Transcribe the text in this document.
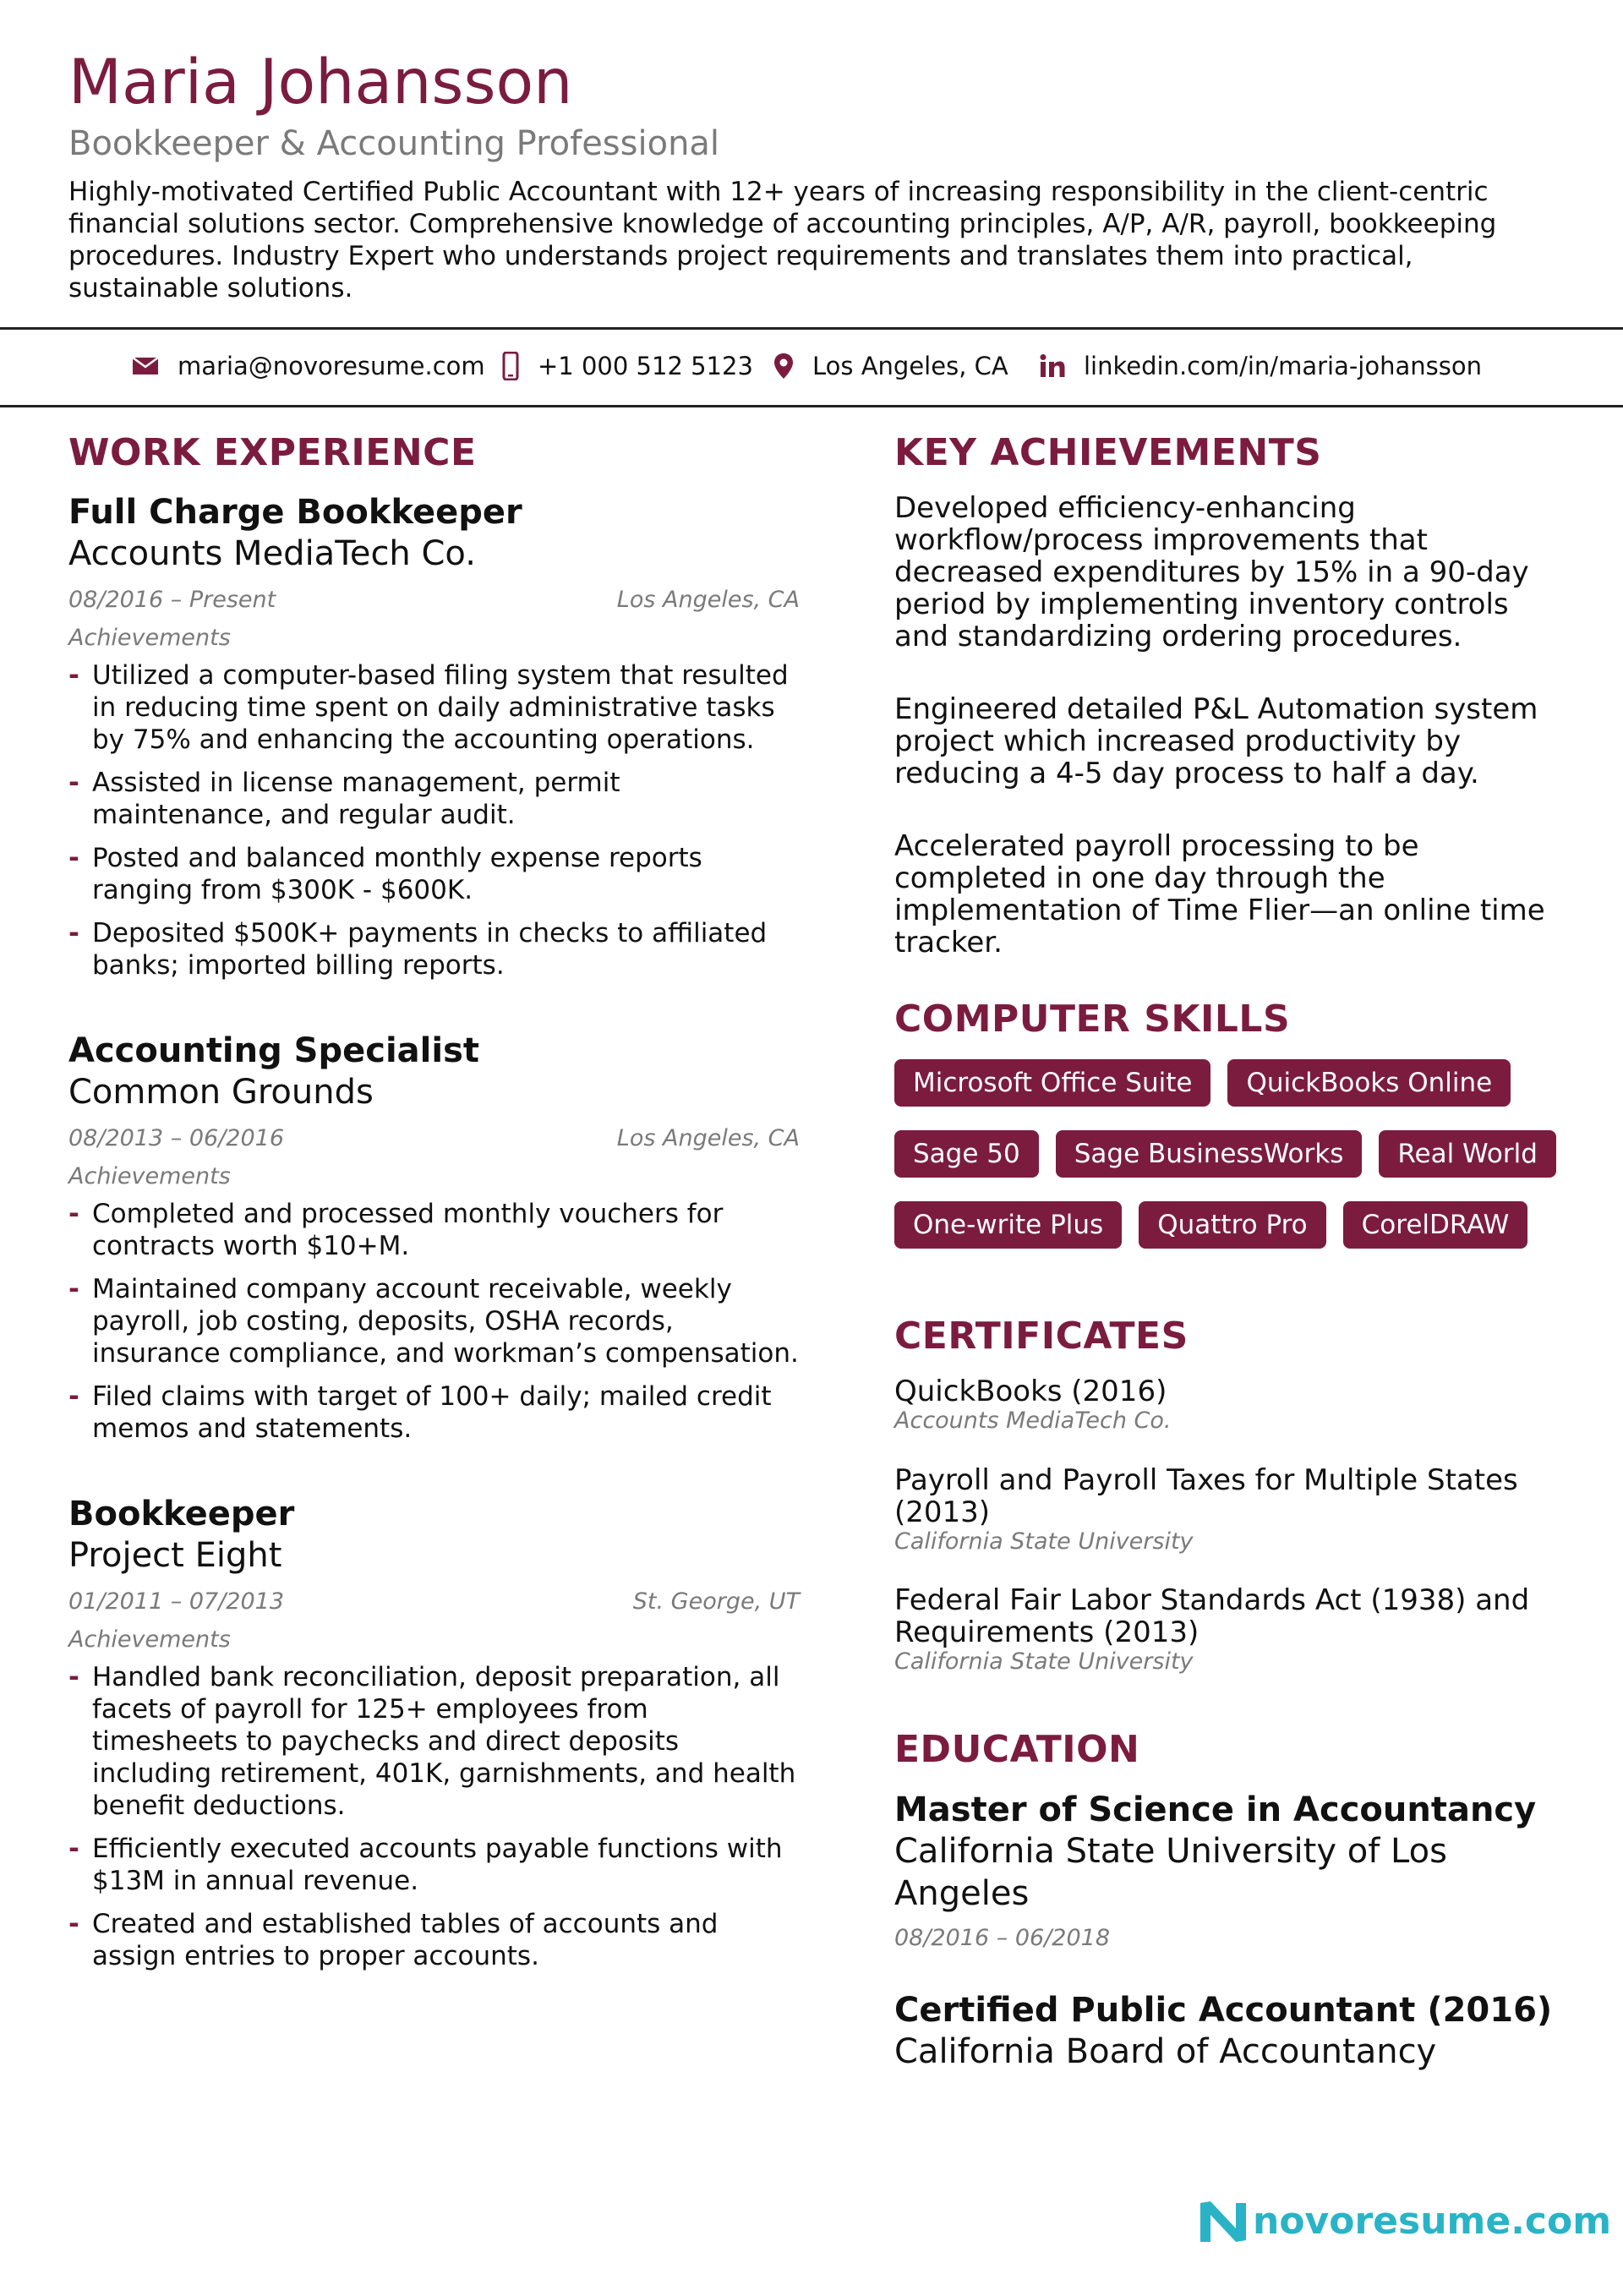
Maria Johansson
Bookkeeper & Accounting Professional
Highly-motivated Certified Public Accountant with 12+ years of increasing responsibility in the client-centric financial solutions sector. Comprehensive knowledge of accounting principles, A/P, A/R, payroll, bookkeeping procedures. Industry Expert who understands project requirements and translates them into practical, sustainable solutions.
maria@novoresume.com +1 000 512 5123 Los Angeles, CA	linkedin.com/in/maria-johansson
WORK EXPERIENCE
Full Charge Bookkeeper
Accounts MediaTech Co.
08/2016 – Present	Los Angeles, CA
Achievements
- Utilized a computer-based filing system that resulted in reducing time spent on daily administrative tasks by 75% and enhancing the accounting operations.
- Assisted in license management, permit maintenance, and regular audit.
- Posted and balanced monthly expense reports ranging from $300K - $600K.
- Deposited $500K+ payments in checks to affiliated banks; imported billing reports.
Accounting Specialist
Common Grounds
08/2013 – 06/2016	Los Angeles, CA
Achievements
- Completed and processed monthly vouchers for contracts worth $10+M.
- Maintained company account receivable, weekly payroll, job costing, deposits, OSHA records, insurance compliance, and workman’s compensation.
- Filed claims with target of 100+ daily; mailed credit memos and statements.
Bookkeeper
Project Eight
01/2011 – 07/2013	St. George, UT
Achievements
- Handled bank reconciliation, deposit preparation, all facets of payroll for 125+ employees from timesheets to paychecks and direct deposits including retirement, 401K, garnishments, and health benefit deductions.
- Efficiently executed accounts payable functions with $13M in annual revenue.
- Created and established tables of accounts and assign entries to proper accounts.
KEY ACHIEVEMENTS
Developed efficiency-enhancing workflow/process improvements that decreased expenditures by 15% in a 90-day period by implementing inventory controls and standardizing ordering procedures.
Engineered detailed P&L Automation system project which increased productivity by reducing a 4-5 day process to half a day.
Accelerated payroll processing to be completed in one day through the implementation of Time Flier—an online time tracker.
COMPUTER SKILLS
Microsoft Office Suite	QuickBooks Online
Sage 50	Sage BusinessWorks	Real World
One-write Plus	Quattro Pro	CorelDRAW
CERTIFICATES
QuickBooks (2016)
Accounts MediaTech Co.
Payroll and Payroll Taxes for Multiple States (2013)
California State University
Federal Fair Labor Standards Act (1938) and Requirements (2013)
California State University
EDUCATION
Master of Science in Accountancy
California State University of Los Angeles
08/2016 – 06/2018
Certified Public Accountant (2016)
California Board of Accountancy
novoresume.com
